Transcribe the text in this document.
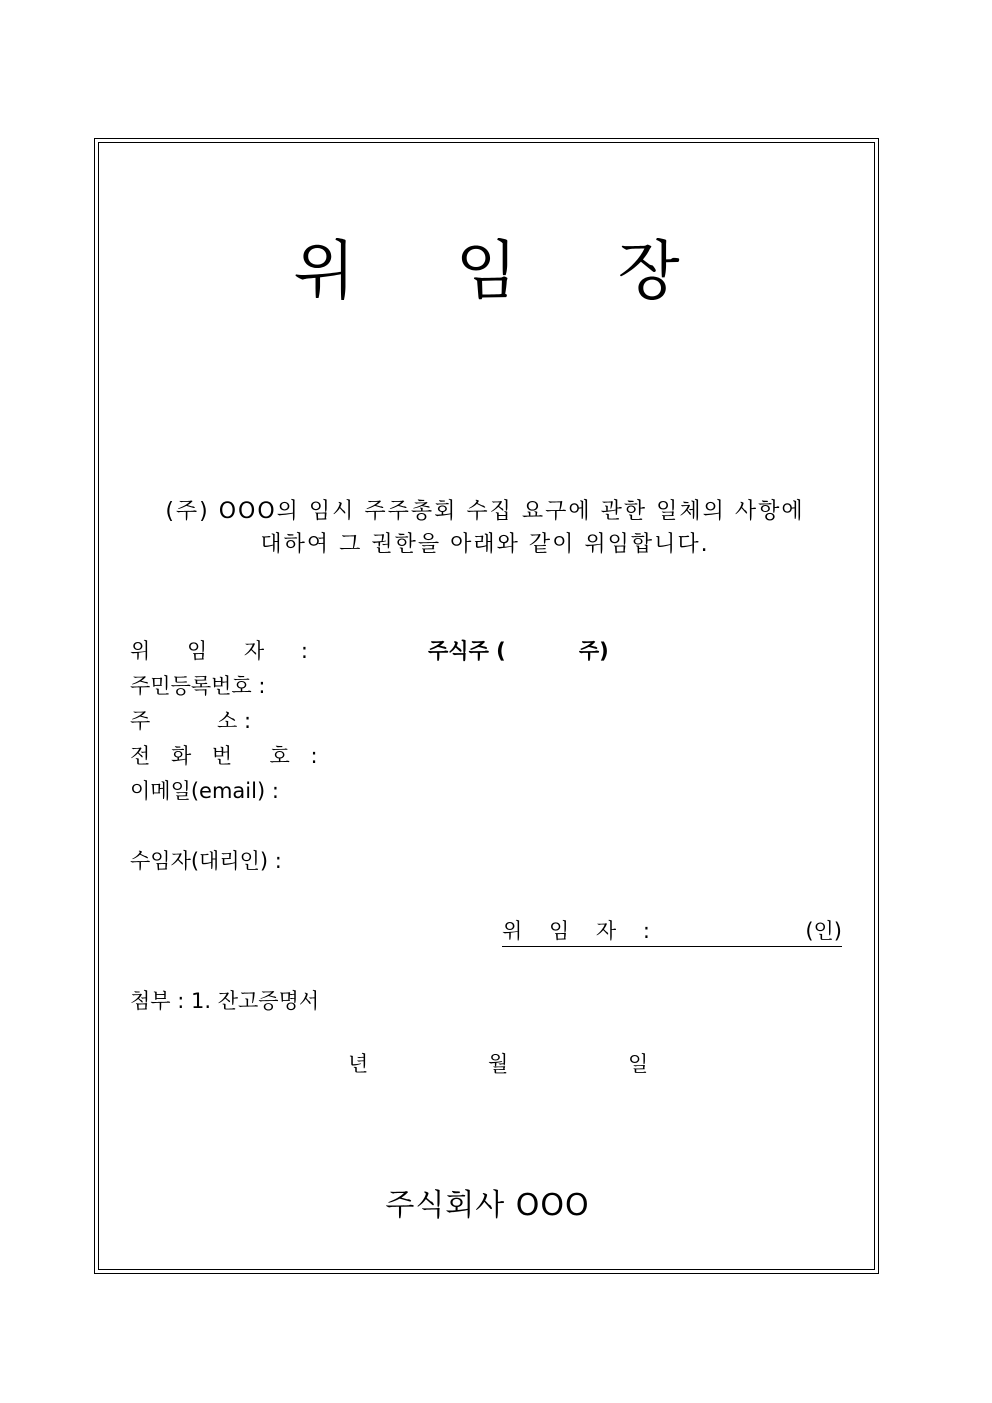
위 임 장
(주) OOO의 임시 주주총회 수집 요구에 관한 일체의 사항에
대하여 그 권한을 아래와 같이 위임합니다.
위 임 자 :	주식주 (          주)
주민등록번호 :
주          소 :
전 화 번  호 :
이메일(email) :
수임자(대리인) :
위 임 자 :	(인)
첨부 : 1. 잔고증명서
년	월	일
주식회사 OOO
